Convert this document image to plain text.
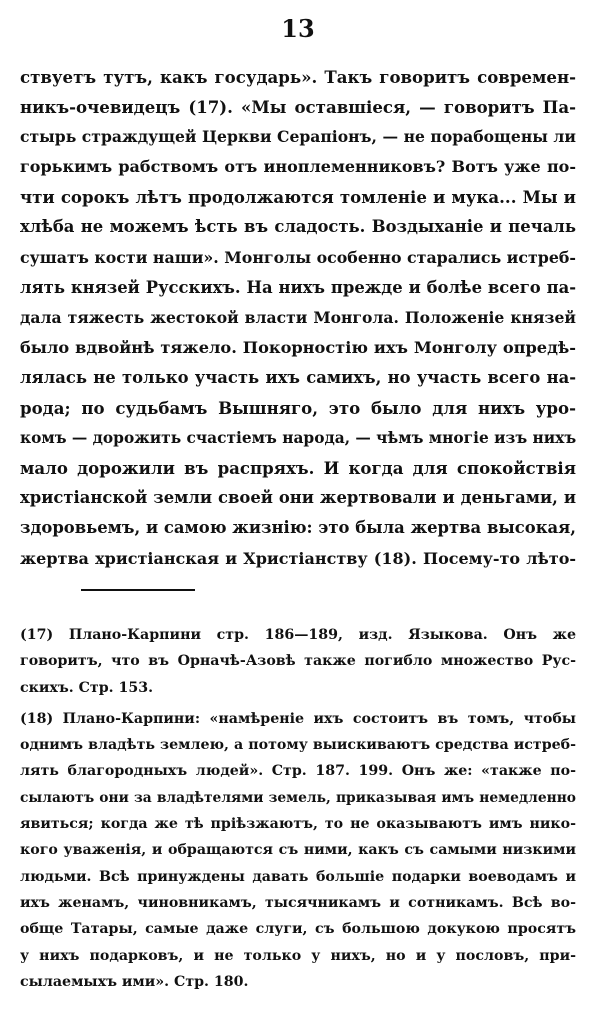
13
ствуетъ тутъ, какъ государь». Такъ говоритъ современ-
никъ-очевидецъ (17). «Мы оставшіеся, — говоритъ Па-
стырь страждущей Церкви Серапіонъ, — не порабощены ли
горькимъ рабствомъ отъ иноплеменниковъ? Вотъ уже по-
чти сорокъ лѣтъ продолжаются томленіе и мука... Мы и
хлѣба не можемъ ѣсть въ сладость. Воздыханіе и печаль
сушатъ кости наши». Монголы особенно старались истреб-
лять князей Русскихъ. На нихъ прежде и болѣе всего па-
дала тяжесть жестокой власти Монгола. Положеніе князей
было вдвойнѣ тяжело. Покорностію ихъ Монголу опредѣ-
лялась не только участь ихъ самихъ, но участь всего на-
рода; по судьбамъ Вышняго, это было для нихъ уро-
комъ — дорожить счастіемъ народа, — чѣмъ многіе изъ нихъ
мало дорожили въ распряхъ. И когда для спокойствія
христіанской земли своей они жертвовали и деньгами, и
здоровьемъ, и самою жизнію: это была жертва высокая,
жертва христіанская и Христіанству (18). Посему-то лѣто-
(17) Плано-Карпини стр. 186—189, изд. Языкова. Онъ же
говоритъ, что въ Орначѣ-Азовѣ также погибло множество Рус-
скихъ. Стр. 153.
(18) Плано-Карпини: «намѣреніе ихъ состоитъ въ томъ, чтобы
однимъ владѣть землею, а потому выискиваютъ средства истреб-
лять благородныхъ людей». Стр. 187. 199. Онъ же: «также по-
сылаютъ они за владѣтелями земель, приказывая имъ немедленно
явиться; когда же тѣ пріѣзжаютъ, то не оказываютъ имъ нико-
кого уваженія, и обращаются съ ними, какъ съ самыми низкими
людьми. Всѣ принуждены давать большіе подарки воеводамъ и
ихъ женамъ, чиновникамъ, тысячникамъ и сотникамъ. Всѣ во-
обще Татары, самые даже слуги, съ большою докукою просятъ
у нихъ подарковъ, и не только у нихъ, но и у пословъ, при-
сылаемыхъ ими». Стр. 180.
